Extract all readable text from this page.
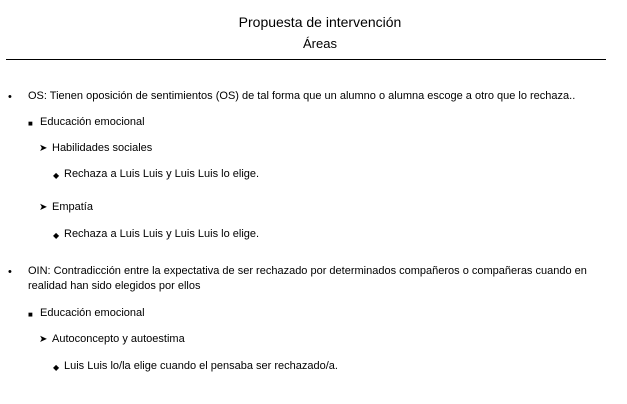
Propuesta de intervención
Áreas
• OS: Tienen oposición de sentimientos (OS) de tal forma que un alumno o alumna escoge a otro que lo rechaza..
■ Educación emocional
➤ Habilidades sociales
◆ Rechaza a Luis Luis y Luis Luis lo elige.
➤ Empatía
◆ Rechaza a Luis Luis y Luis Luis lo elige.
• OIN: Contradicción entre la expectativa de ser rechazado por determinados compañeros o compañeras cuando en realidad han sido elegidos por ellos
■ Educación emocional
➤ Autoconcepto y autoestima
◆ Luis Luis lo/la elige cuando el pensaba ser rechazado/a.
